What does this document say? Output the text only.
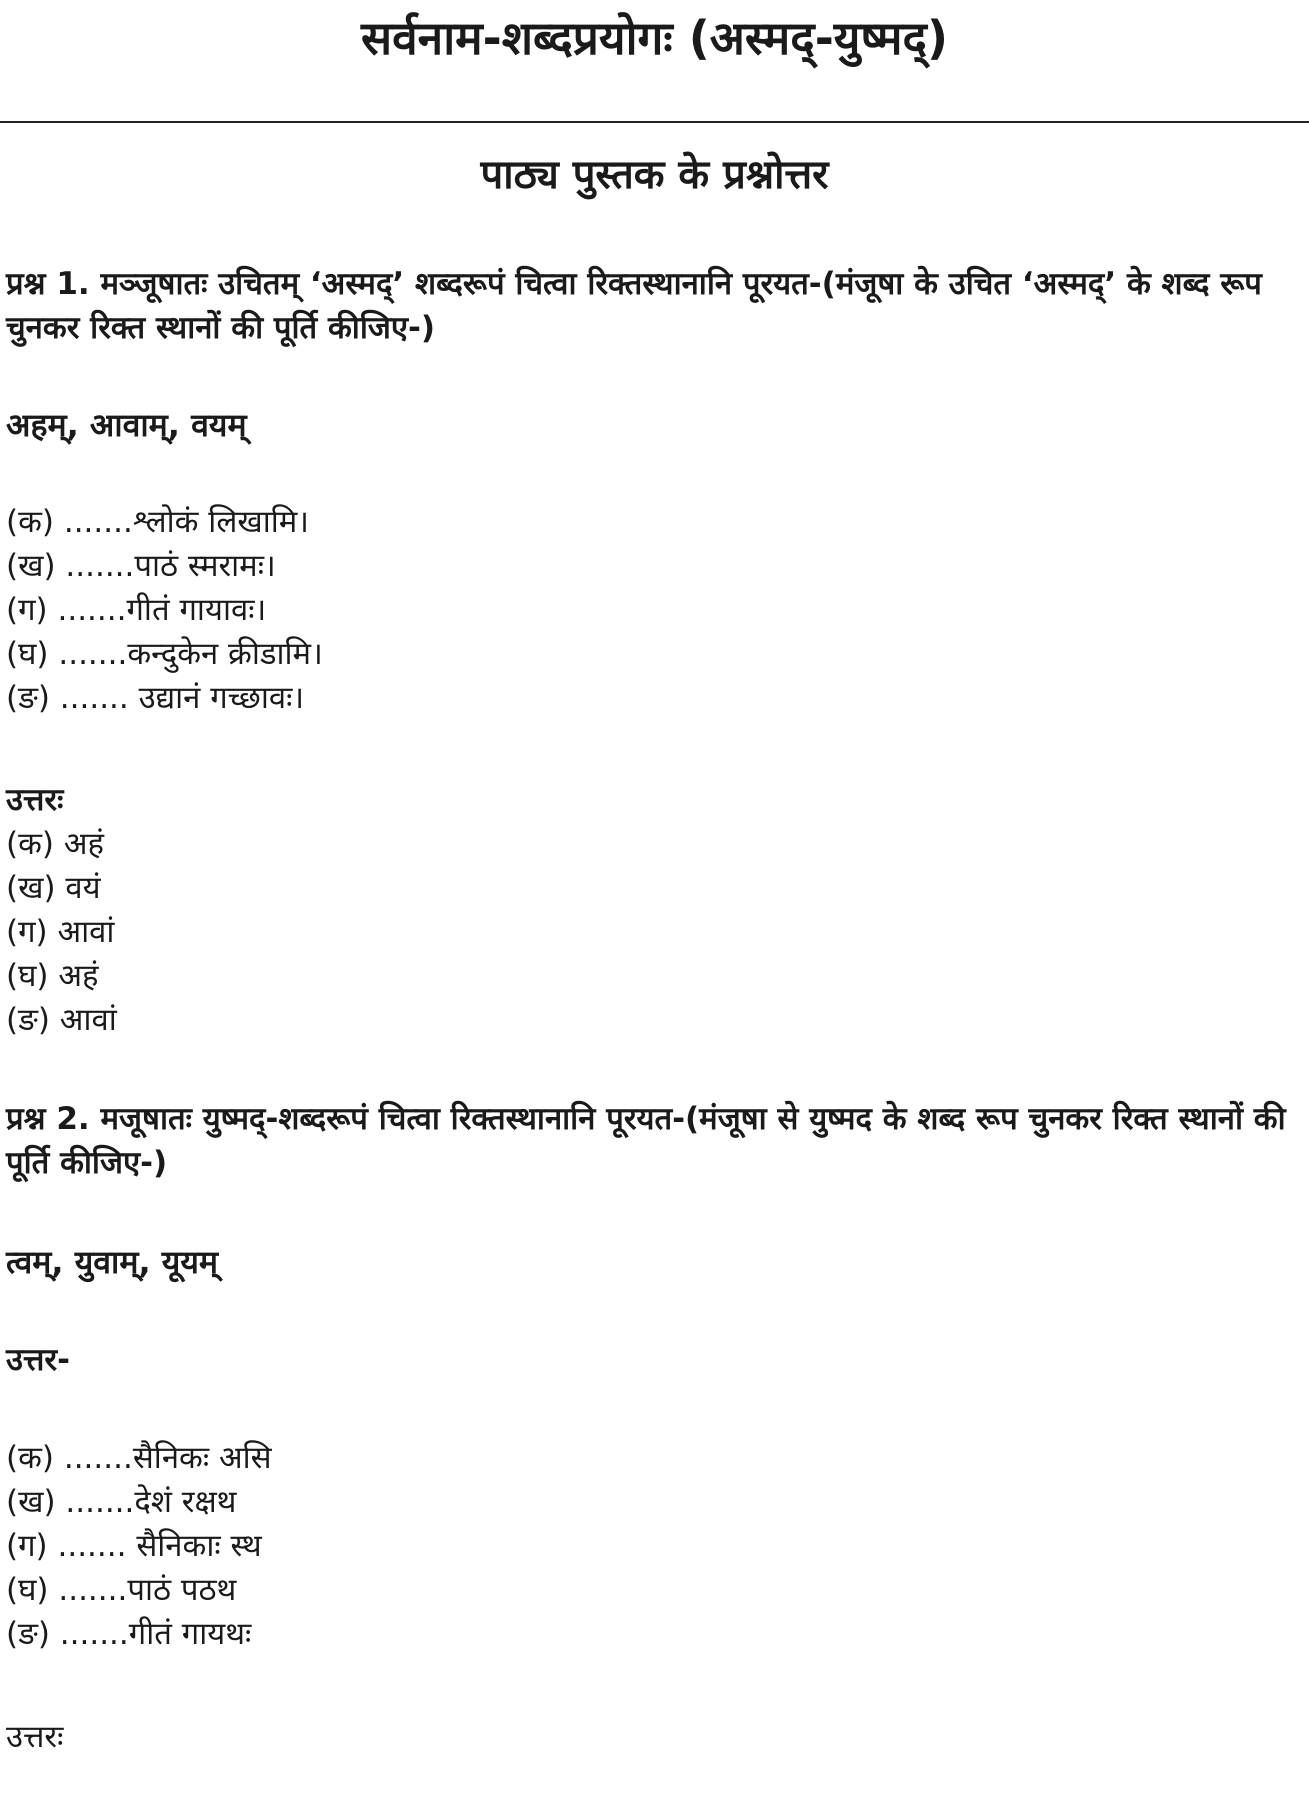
सर्वनाम-शब्दप्रयोगः (अस्मद्-युष्मद्)
पाठ्य पुस्तक के प्रश्नोत्तर

प्रश्न 1. मञ्जूषातः उचितम् ‘अस्मद्’ शब्दरूपं चित्वा रिक्तस्थानानि पूरयत-(मंजूषा के उचित ‘अस्मद्’ के शब्द रूप चुनकर रिक्त स्थानों की पूर्ति कीजिए-)

अहम्, आवाम्, वयम्

(क) .......श्लोकं लिखामि।
(ख) .......पाठं स्मरामः।
(ग) .......गीतं गायावः।
(घ) .......कन्दुकेन क्रीडामि।
(ङ) ....... उद्यानं गच्छावः।

उत्तरः

(क) अहं
(ख) वयं
(ग) आवां
(घ) अहं
(ङ) आवां

प्रश्न 2. मजूषातः युष्मद्-शब्दरूपं चित्वा रिक्तस्थानानि पूरयत-(मंजूषा से युष्मद के शब्द रूप चुनकर रिक्त स्थानों की पूर्ति कीजिए-)

त्वम्, युवाम्, यूयम्

उत्तर-

(क) .......सैनिकः असि
(ख) .......देशं रक्षथ
(ग) ....... सैनिकाः स्थ
(घ) .......पाठं पठथ
(ङ) .......गीतं गायथः

उत्तरः
